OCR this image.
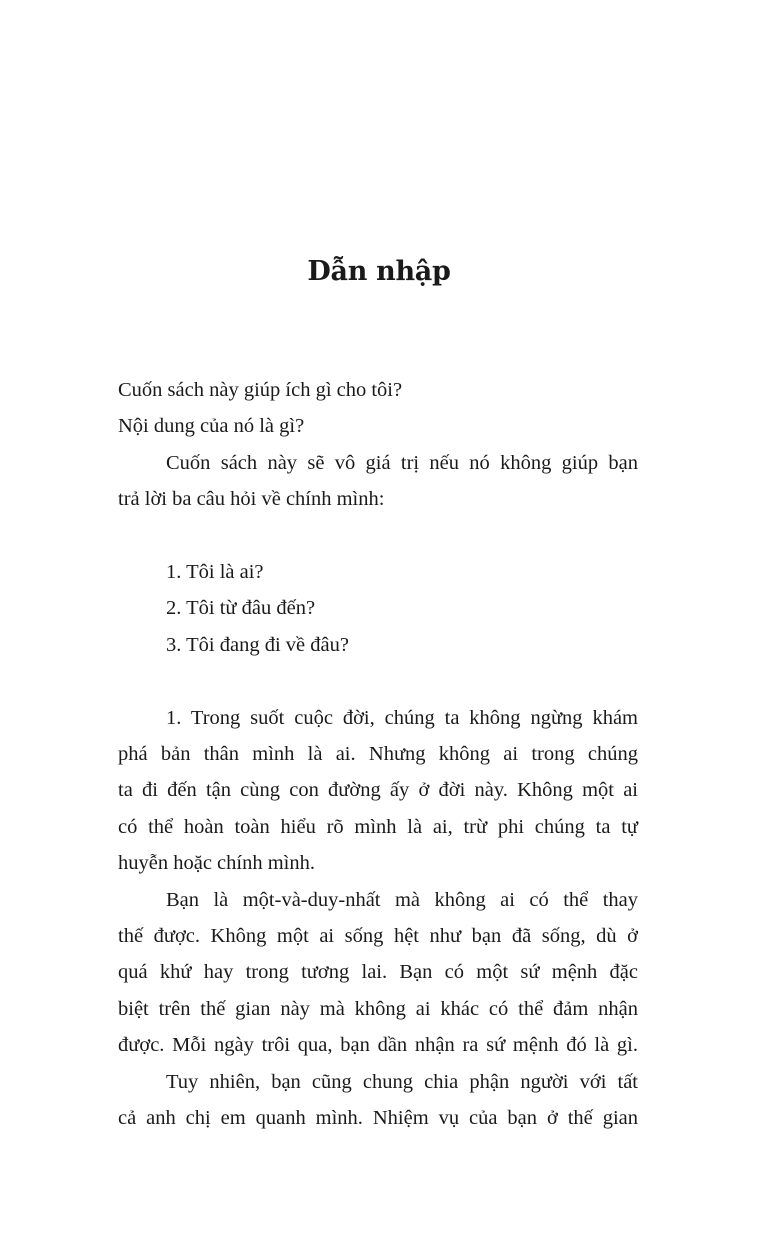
Dẫn nhập

Cuốn sách này giúp ích gì cho tôi?

Nội dung của nó là gì?

Cuốn sách này sẽ vô giá trị nếu nó không giúp bạn
trả lời ba câu hỏi về chính mình:

1. Tôi là ai?
2. Tôi từ đâu đến?
3. Tôi đang đi về đâu?

1. Trong suốt cuộc đời, chúng ta không ngừng khám
phá bản thân mình là ai. Nhưng không ai trong chúng
ta đi đến tận cùng con đường ấy ở đời này. Không một ai
có thể hoàn toàn hiểu rõ mình là ai, trừ phi chúng ta tự
huyễn hoặc chính mình.

Bạn là một-và-duy-nhất mà không ai có thể thay
thế được. Không một ai sống hệt như bạn đã sống, dù ở
quá khứ hay trong tương lai. Bạn có một sứ mệnh đặc
biệt trên thế gian này mà không ai khác có thể đảm nhận
được. Mỗi ngày trôi qua, bạn dần nhận ra sứ mệnh đó là gì.

Tuy nhiên, bạn cũng chung chia phận người với tất
cả anh chị em quanh mình. Nhiệm vụ của bạn ở thế gian
